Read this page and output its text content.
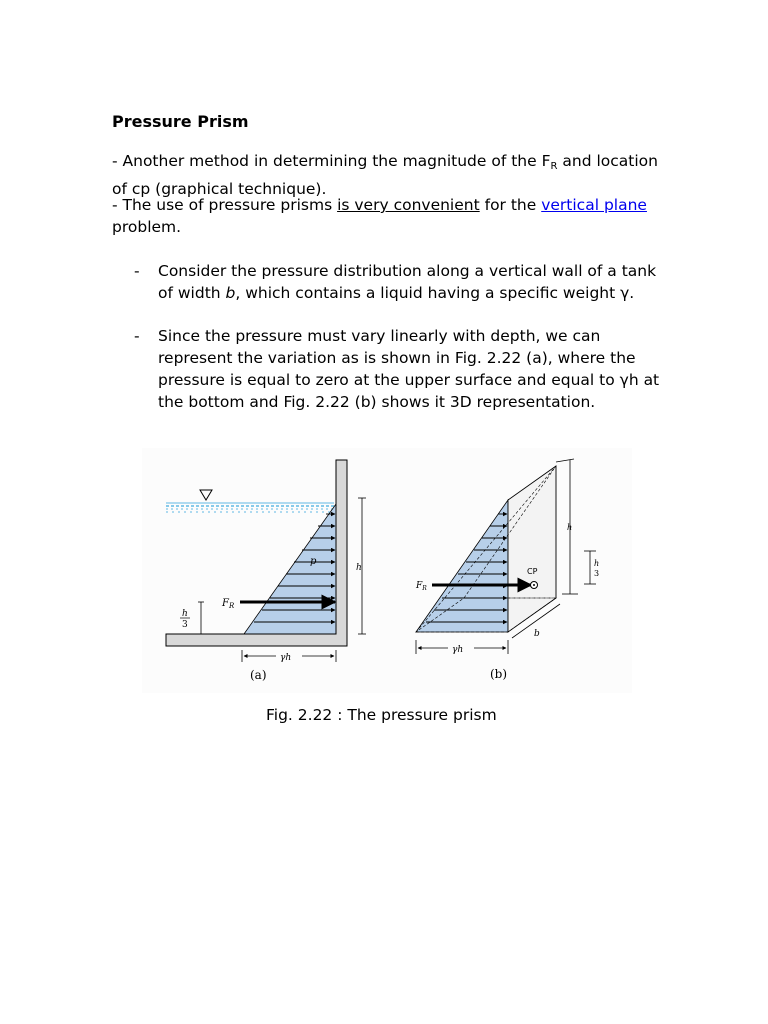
Pressure Prism
- Another method in determining the magnitude of the $F_R$ and location of cp (graphical technique).
- The use of pressure prisms is very convenient for the vertical plane problem.
- Consider the pressure distribution along a vertical wall of a tank of width b, which contains a liquid having a specific weight γ.
- Since the pressure must vary linearly with depth, we can represent the variation as is shown in Fig. 2.22 (a), where the pressure is equal to zero at the upper surface and equal to γh at the bottom and Fig. 2.22 (b) shows it 3D representation.
$F_R$
p
h
h
3
γh
(a)
CP
$F_R$
h
h
3
b
γh
(b)
Fig. 2.22 : The pressure prism
